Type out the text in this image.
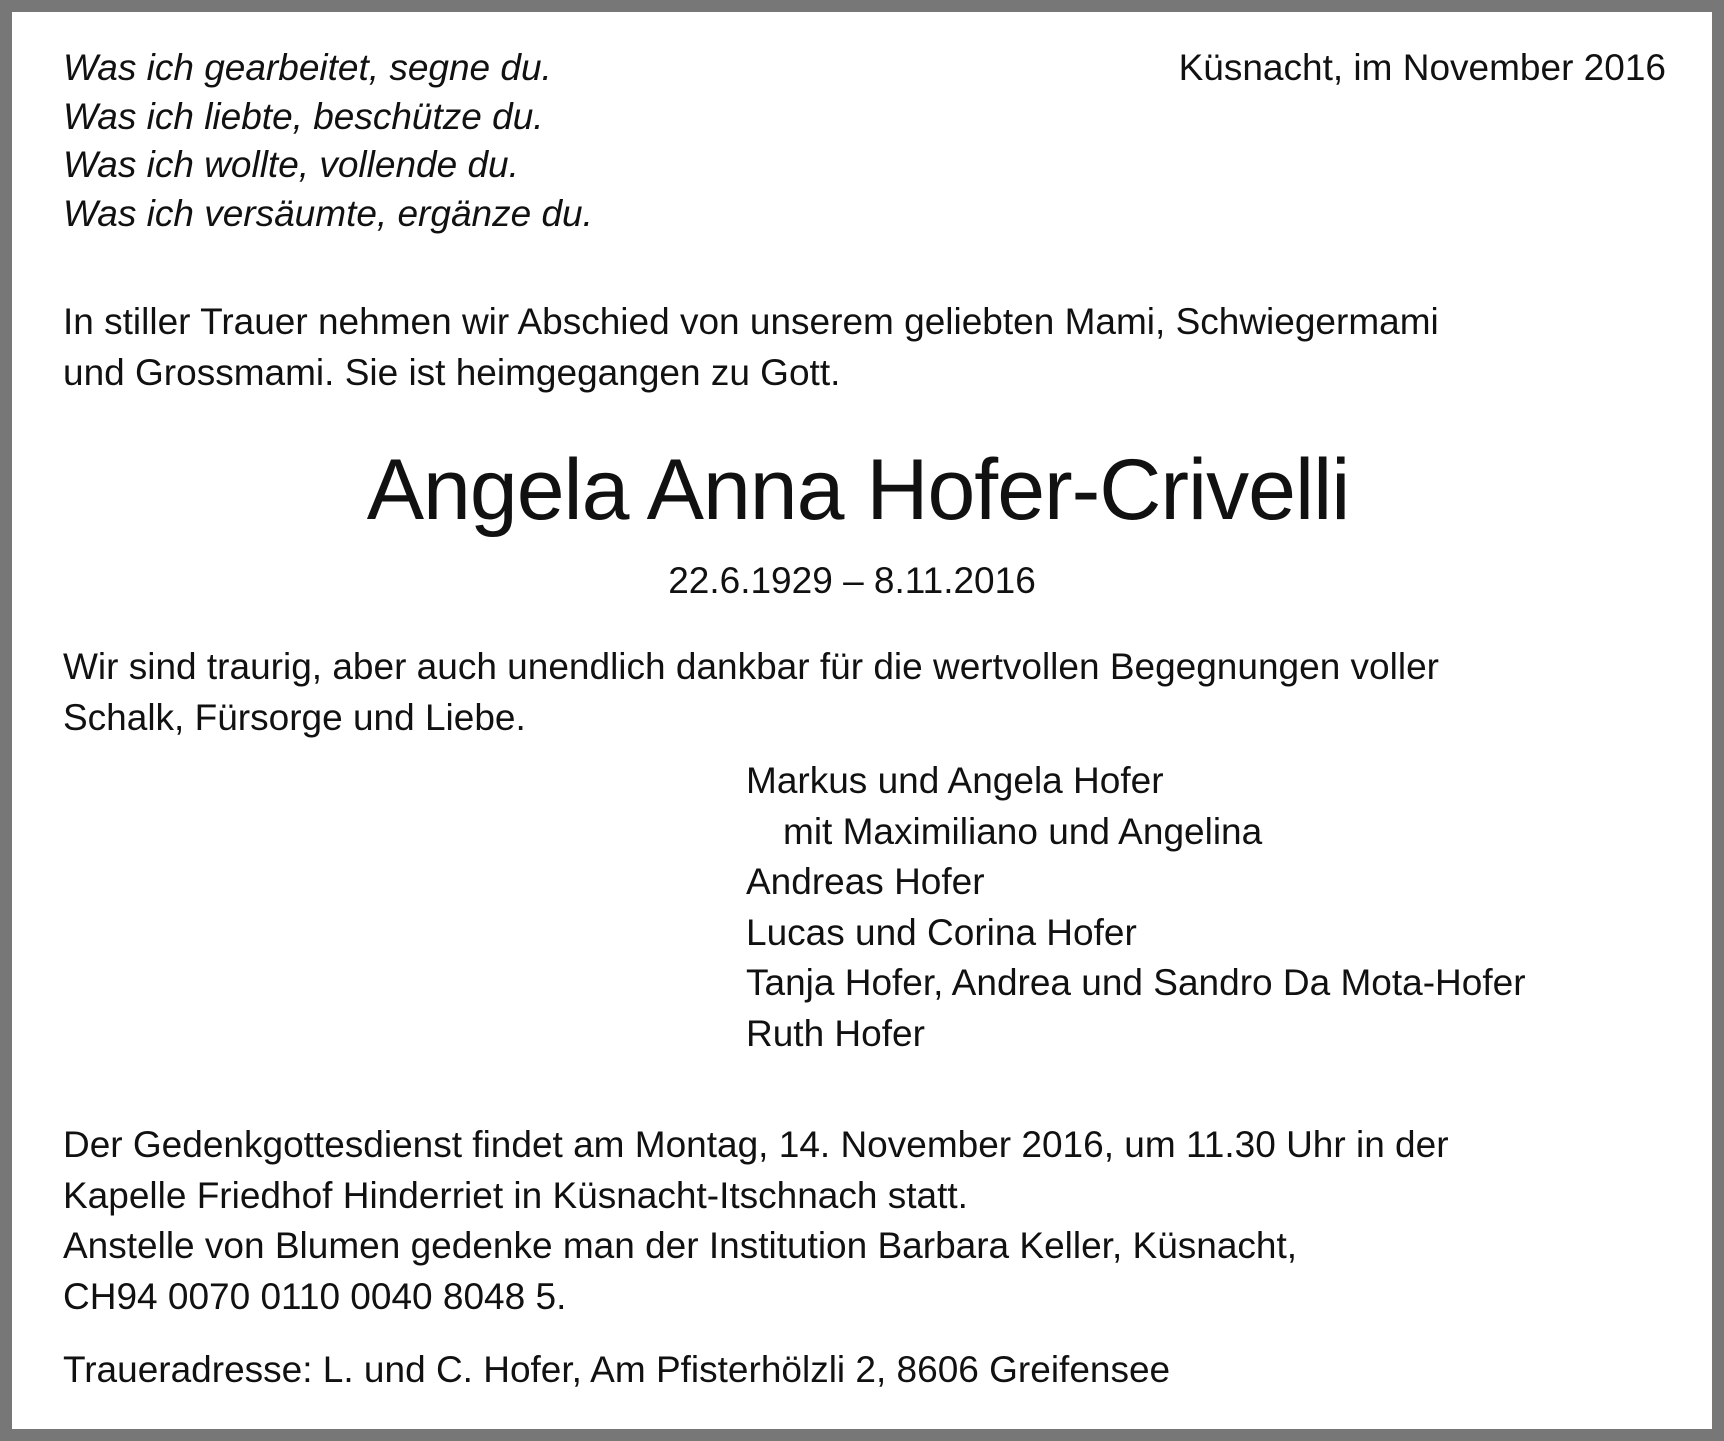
Was ich gearbeitet, segne du.
Was ich liebte, beschütze du.
Was ich wollte, vollende du.
Was ich versäumte, ergänze du.
Küsnacht, im November 2016
In stiller Trauer nehmen wir Abschied von unserem geliebten Mami, Schwiegermami
und Grossmami. Sie ist heimgegangen zu Gott.
Angela Anna Hofer-Crivelli
22.6.1929 – 8.11.2016
Wir sind traurig, aber auch unendlich dankbar für die wertvollen Begegnungen voller
Schalk, Fürsorge und Liebe.
Markus und Angela Hofer
mit Maximiliano und Angelina
Andreas Hofer
Lucas und Corina Hofer
Tanja Hofer, Andrea und Sandro Da Mota-Hofer
Ruth Hofer
Der Gedenkgottesdienst findet am Montag, 14. November 2016, um 11.30 Uhr in der
Kapelle Friedhof Hinderriet in Küsnacht-Itschnach statt.
Anstelle von Blumen gedenke man der Institution Barbara Keller, Küsnacht,
CH94 0070 0110 0040 8048 5.
Traueradresse: L. und C. Hofer, Am Pfisterhölzli 2, 8606 Greifensee
